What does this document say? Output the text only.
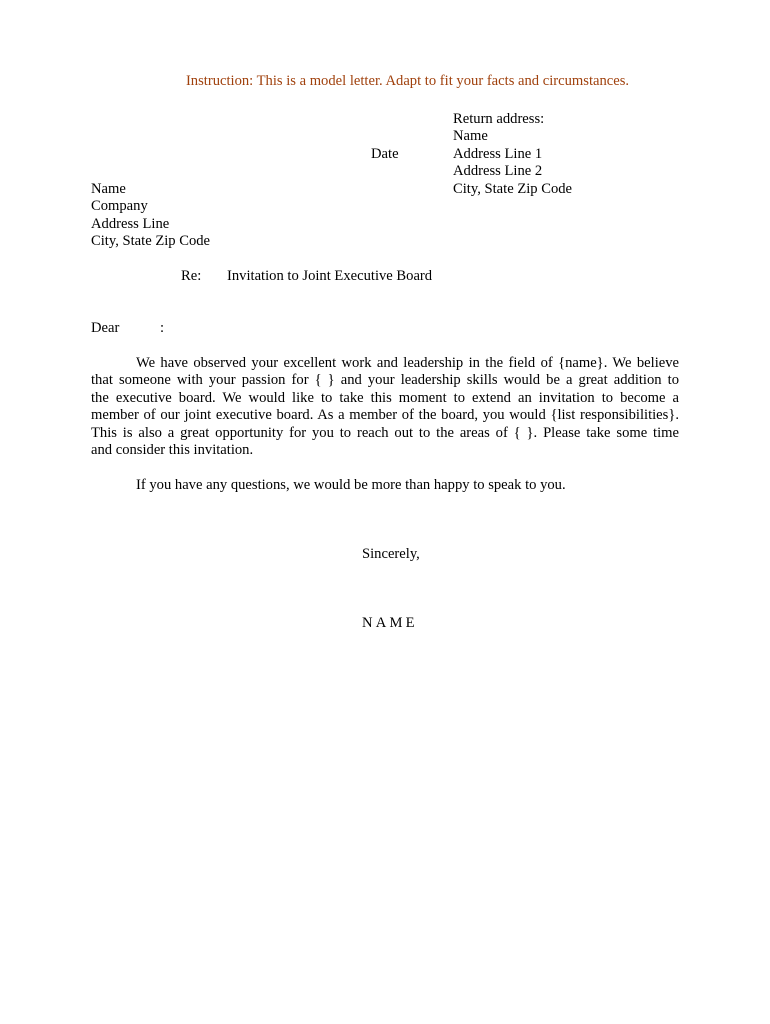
Instruction: This is a model letter. Adapt to fit your facts and circumstances.

Return address:
Name
Address Line 1
Address Line 2
City, State Zip Code

Date

Name
Company
Address Line
City, State Zip Code

Re: Invitation to Joint Executive Board

Dear	:

We have observed your excellent work and leadership in the field of {name}. We believe
that someone with your passion for { } and your leadership skills would be a great addition to
the executive board. We would like to take this moment to extend an invitation to become a
member of our joint executive board. As a member of the board, you would {list responsibilities}.
This is also a great opportunity for you to reach out to the areas of { }. Please take some time
and consider this invitation.

If you have any questions, we would be more than happy to speak to you.

Sincerely,

NAME
